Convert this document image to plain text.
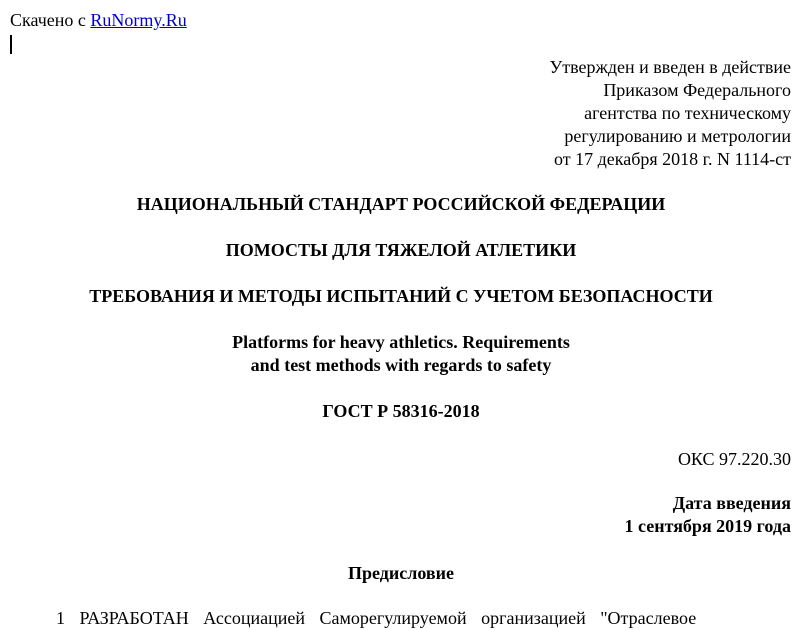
Скачено с RuNormy.Ru
Утвержден и введен в действие
Приказом Федерального
агентства по техническому
регулированию и метрологии
от 17 декабря 2018 г. N 1114-ст
НАЦИОНАЛЬНЫЙ СТАНДАРТ РОССИЙСКОЙ ФЕДЕРАЦИИ
ПОМОСТЫ ДЛЯ ТЯЖЕЛОЙ АТЛЕТИКИ
ТРЕБОВАНИЯ И МЕТОДЫ ИСПЫТАНИЙ С УЧЕТОМ БЕЗОПАСНОСТИ
Platforms for heavy athletics. Requirements
and test methods with regards to safety
ГОСТ Р 58316-2018
ОКС 97.220.30
Дата введения
1 сентября 2019 года
Предисловие
1 РАЗРАБОТАН Ассоциацией Саморегулируемой организацией "Отраслевое
